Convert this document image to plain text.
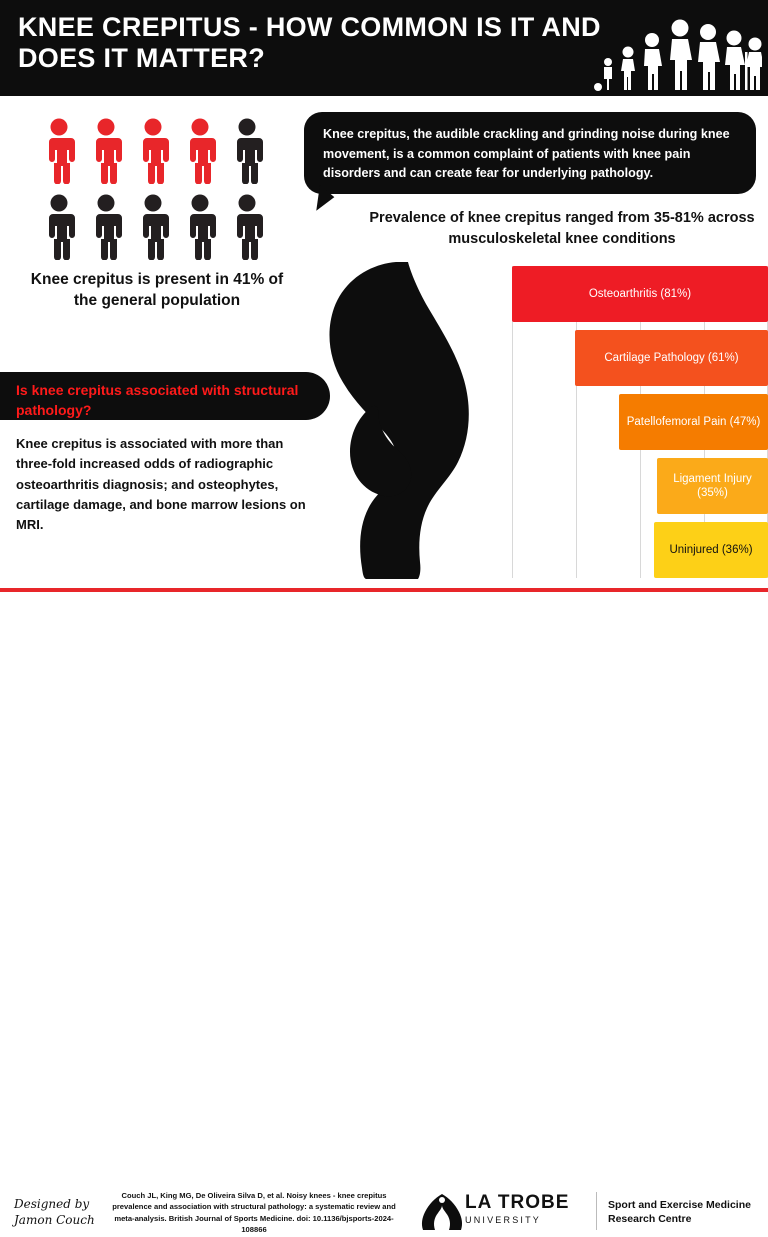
KNEE CREPITUS - HOW COMMON IS IT AND DOES IT MATTER?
Knee crepitus is present in 41% of the general population
Knee crepitus, the audible crackling and grinding noise during knee movement, is a common complaint of patients with knee pain disorders and can create fear for underlying pathology.
Prevalence of knee crepitus ranged from 35-81% across musculoskeletal knee conditions
Osteoarthritis (81%)
Cartilage Pathology (61%)
Patellofemoral Pain (47%)
Ligament Injury (35%)
Uninjured (36%)
Is knee crepitus associated with structural pathology?
Knee crepitus is associated with more than three-fold increased odds of radiographic osteoarthritis diagnosis; and osteophytes, cartilage damage, and bone marrow lesions on MRI.
Designed by Jamon Couch
Couch JL, King MG, De Oliveira Silva D, et al. Noisy knees - knee crepitus prevalence and association with structural pathology: a systematic review and meta-analysis. British Journal of Sports Medicine. doi: 10.1136/bjsports-2024-108866
LA TROBE
UNIVERSITY
Sport and Exercise Medicine Research Centre
